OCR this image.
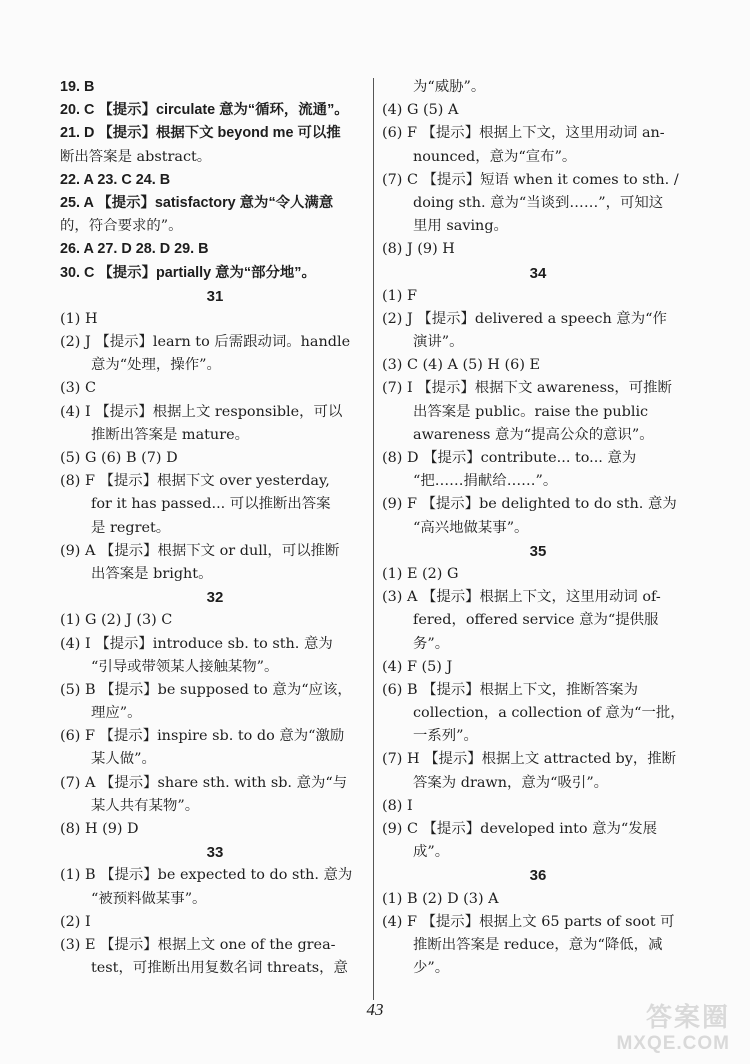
19. B
20. C 【提示】circulate 意为“循环，流通”。
21. D 【提示】根据下文 beyond me 可以推
断出答案是 abstract。
22. A 23. C 24. B
25. A 【提示】satisfactory 意为“令人满意
的，符合要求的”。
26. A 27. D 28. D 29. B
30. C 【提示】partially 意为“部分地”。
31
(1) H
(2) J 【提示】learn to 后需跟动词。handle
意为“处理，操作”。
(3) C
(4) I 【提示】根据上文 responsible，可以
推断出答案是 mature。
(5) G (6) B (7) D
(8) F 【提示】根据下文 over yesterday,
for it has passed... 可以推断出答案
是 regret。
(9) A 【提示】根据下文 or dull，可以推断
出答案是 bright。
32
(1) G (2) J (3) C
(4) I 【提示】introduce sb. to sth. 意为
“引导或带领某人接触某物”。
(5) B 【提示】be supposed to 意为“应该，
理应”。
(6) F 【提示】inspire sb. to do 意为“激励
某人做”。
(7) A 【提示】share sth. with sb. 意为“与
某人共有某物”。
(8) H (9) D
33
(1) B 【提示】be expected to do sth. 意为
“被预料做某事”。
(2) I
(3) E 【提示】根据上文 one of the grea-
test，可推断出用复数名词 threats，意
为“威胁”。
(4) G (5) A
(6) F 【提示】根据上下文，这里用动词 an-
nounced，意为“宣布”。
(7) C 【提示】短语 when it comes to sth. /
doing sth. 意为“当谈到……”，可知这
里用 saving。
(8) J (9) H
34
(1) F
(2) J 【提示】delivered a speech 意为“作
演讲”。
(3) C (4) A (5) H (6) E
(7) I 【提示】根据下文 awareness，可推断
出答案是 public。raise the public
awareness 意为“提高公众的意识”。
(8) D 【提示】contribute... to... 意为
“把……捐献给……”。
(9) F 【提示】be delighted to do sth. 意为
“高兴地做某事”。
35
(1) E (2) G
(3) A 【提示】根据上下文，这里用动词 of-
fered，offered service 意为“提供服
务”。
(4) F (5) J
(6) B 【提示】根据上下文，推断答案为
collection，a collection of 意为“一批，
一系列”。
(7) H 【提示】根据上文 attracted by，推断
答案为 drawn，意为“吸引”。
(8) I
(9) C 【提示】developed into 意为“发展
成”。
36
(1) B (2) D (3) A
(4) F 【提示】根据上文 65 parts of soot 可
推断出答案是 reduce，意为“降低，减
少”。
43	答案圈
MXQE.COM
